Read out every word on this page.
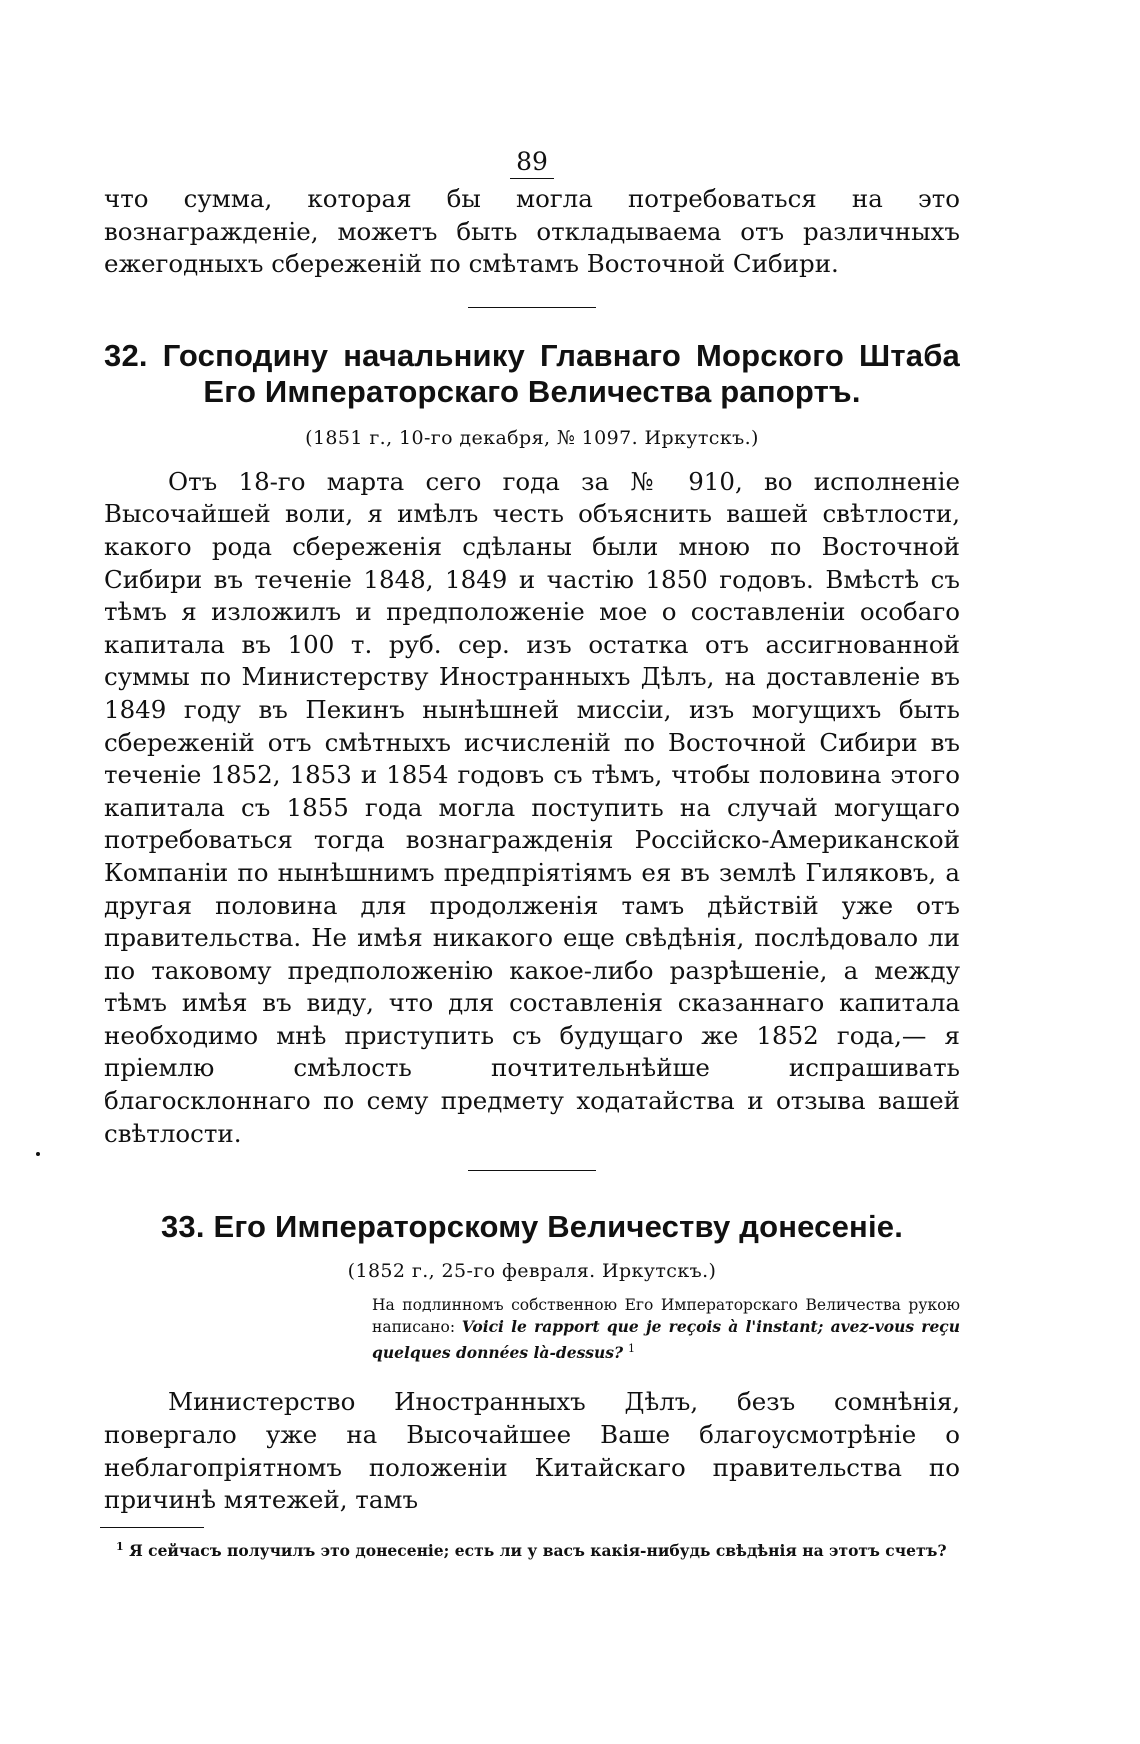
89

что сумма, которая бы могла потребоваться на это вознагражденіе, можетъ быть откладываема отъ различныхъ ежегодныхъ сбереженій по смѣтамъ Восточной Сибири.

32. Господину начальнику Главнаго Морского Штаба Его Императорскаго Величества рапортъ.
(1851 г., 10-го декабря, № 1097. Иркутскъ.)

Отъ 18-го марта сего года за № 910, во исполненіе Высочайшей воли, я имѣлъ честь объяснить вашей свѣтлости, какого рода сбереженія сдѣланы были мною по Восточной Сибири въ теченіе 1848, 1849 и частію 1850 годовъ. Вмѣстѣ съ тѣмъ я изложилъ и предположеніе мое о составленіи особаго капитала въ 100 т. руб. сер. изъ остатка отъ ассигнованной суммы по Министерству Иностранныхъ Дѣлъ, на доставленіе въ 1849 году въ Пекинъ нынѣшней миссіи, изъ могущихъ быть сбереженій отъ смѣтныхъ исчисленій по Восточной Сибири въ теченіе 1852, 1853 и 1854 годовъ съ тѣмъ, чтобы половина этого капитала съ 1855 года могла поступить на случай могущаго потребоваться тогда вознагражденія Россійско-Американской Компаніи по нынѣшнимъ предпріятіямъ ея въ землѣ Гиляковъ, а другая половина для продолженія тамъ дѣйствій уже отъ правительства. Не имѣя никакого еще свѣдѣнія, послѣдовало ли по таковому предположенію какое-либо разрѣшеніе, а между тѣмъ имѣя въ виду, что для составленія сказаннаго капитала необходимо мнѣ приступить съ будущаго же 1852 года,— я пріемлю смѣлость почтительнѣйше испрашивать благосклоннаго по сему предмету ходатайства и отзыва вашей свѣтлости.

33. Его Императорскому Величеству донесеніе.
(1852 г., 25-го февраля. Иркутскъ.)
На подлинномъ собственною Его Императорскаго Величества рукою написано: Voici le rapport que je reçois à l'instant; avez-vous reçu quelques données là-dessus? $^1$

Министерство Иностранныхъ Дѣлъ, безъ сомнѣнія, повергало уже на Высочайшее Ваше благоусмотрѣніе о неблагопріятномъ положеніи Китайскаго правительства по причинѣ мятежей, тамъ

$^1$ Я сейчасъ получилъ это донесеніе; есть ли у васъ какія-нибудь свѣдѣнія на этотъ счетъ?
